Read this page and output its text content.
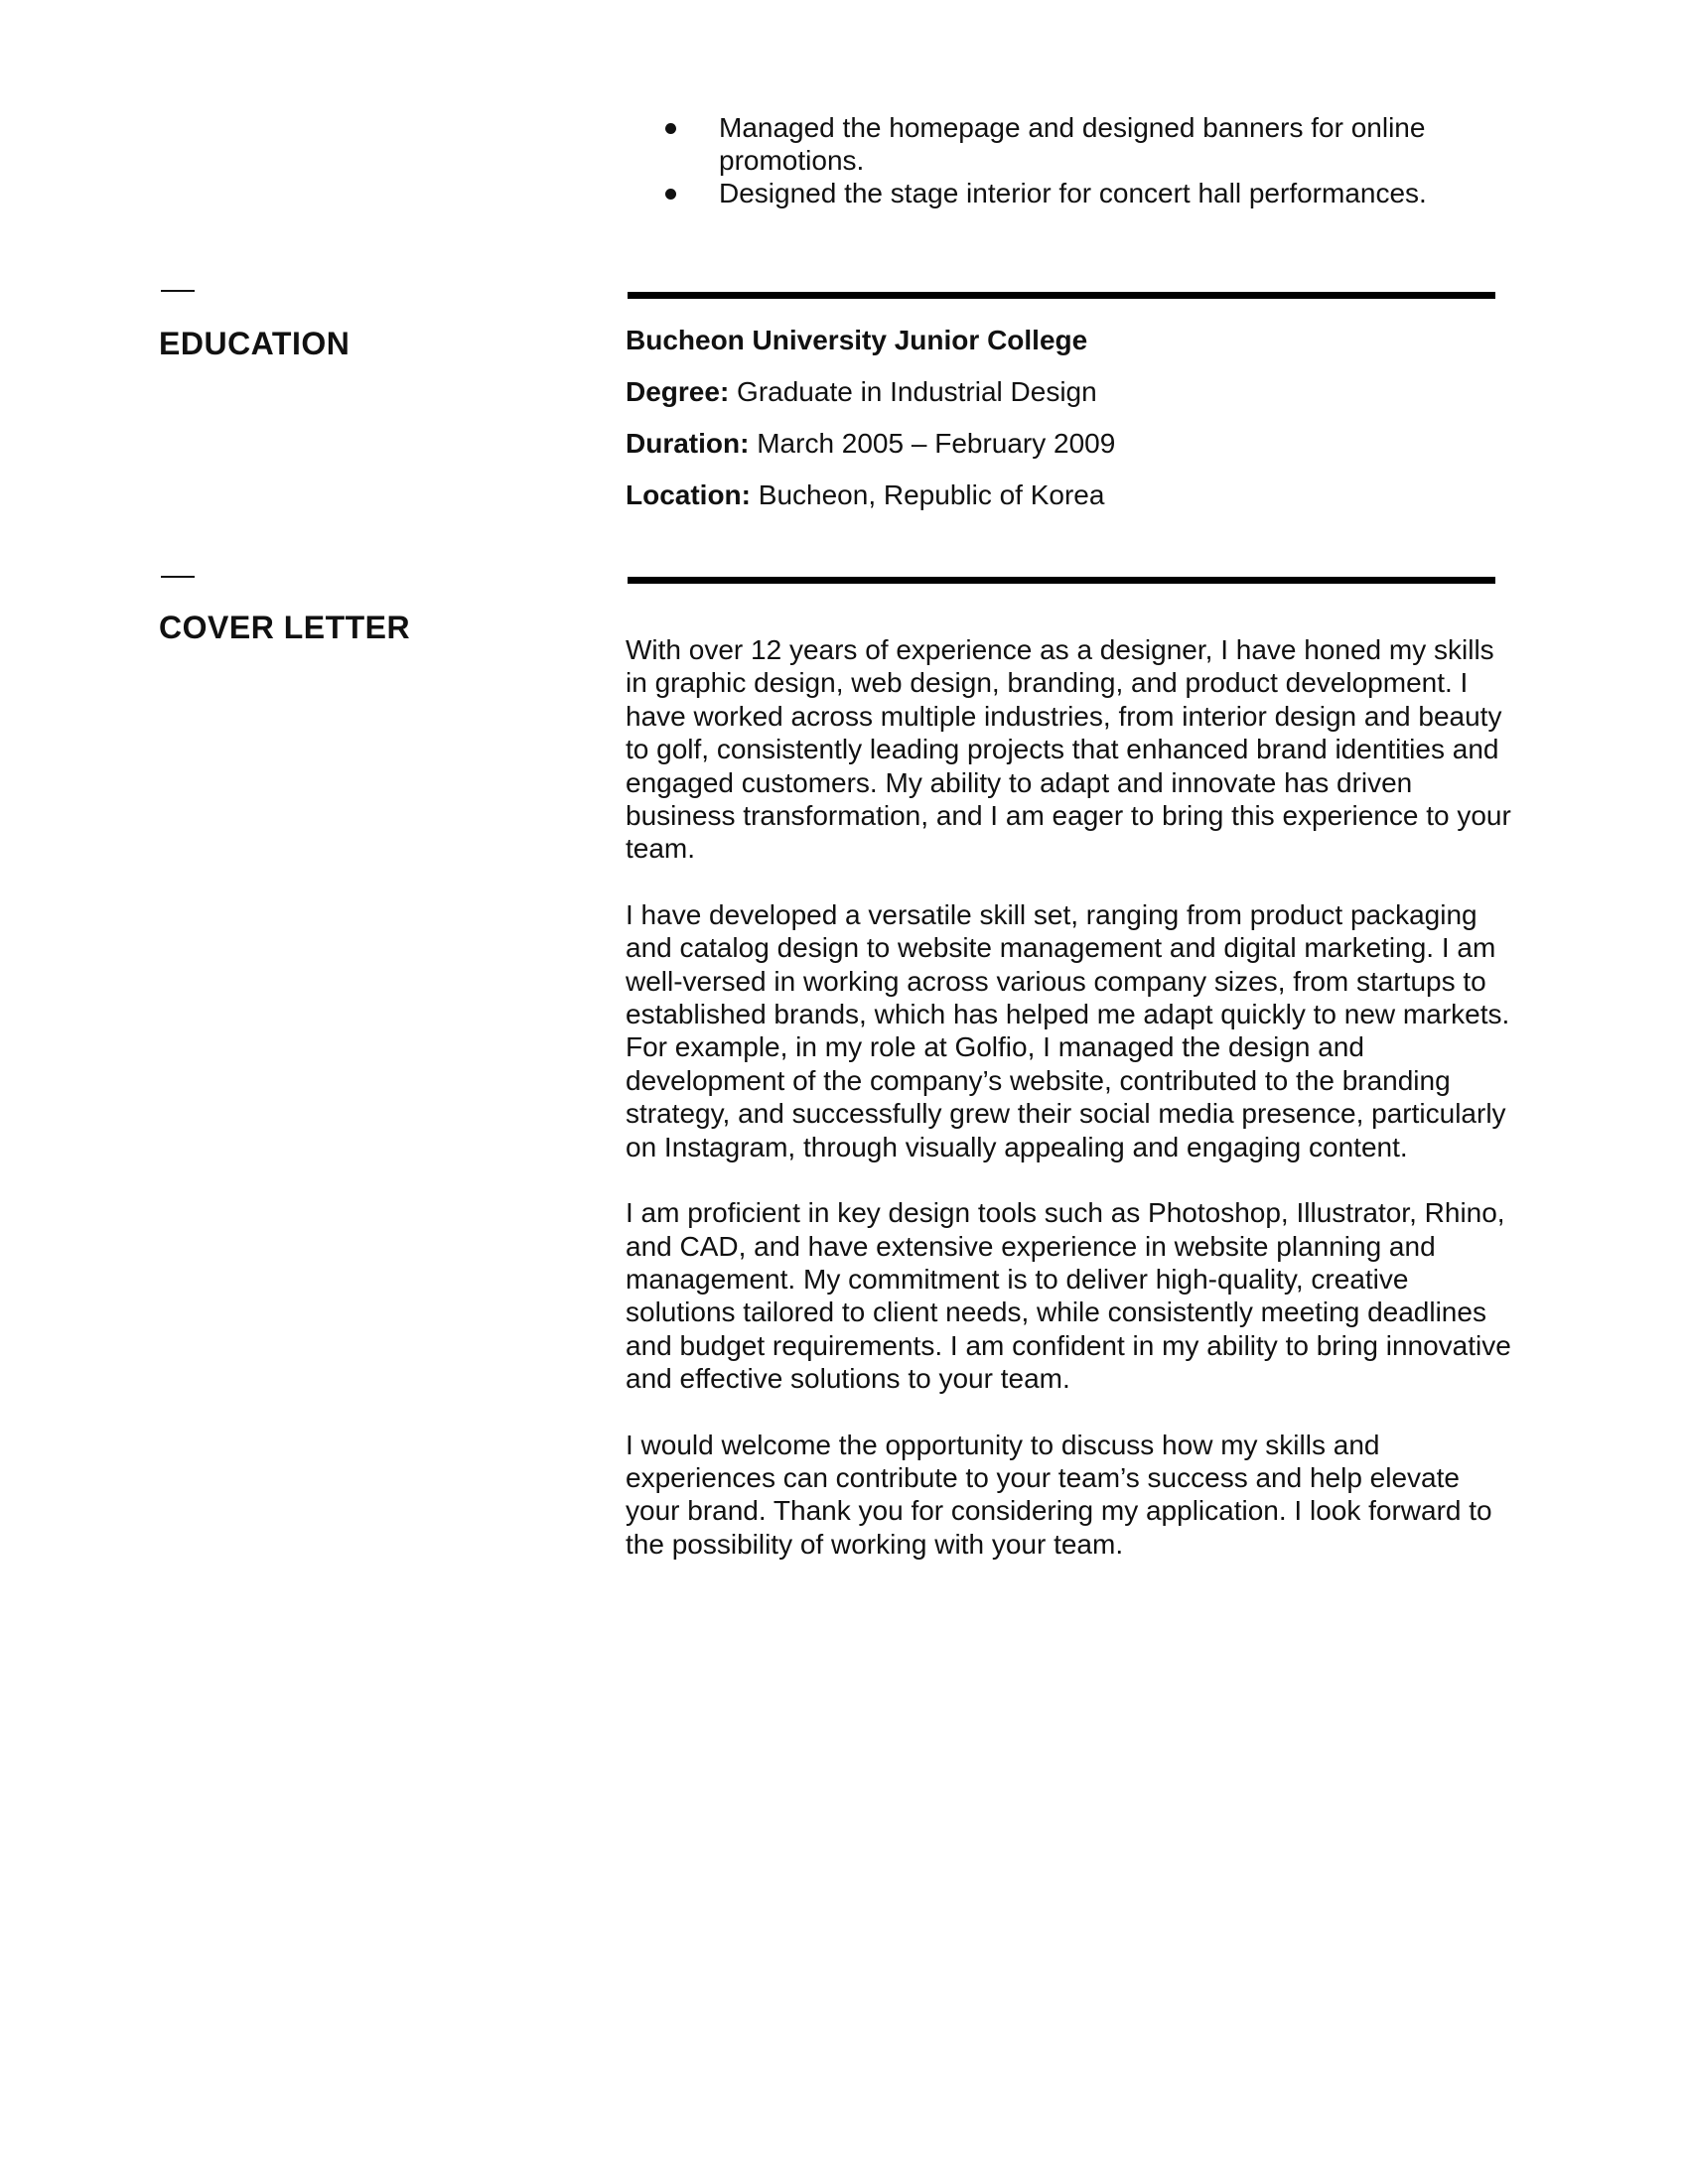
Managed the homepage and designed banners for online promotions.
Designed the stage interior for concert hall performances.
EDUCATION	Bucheon University Junior College
Degree: Graduate in Industrial Design
Duration: March 2005 – February 2009
Location: Bucheon, Republic of Korea
COVER LETTER

With over 12 years of experience as a designer, I have honed my skills in graphic design, web design, branding, and product development. I have worked across multiple industries, from interior design and beauty to golf, consistently leading projects that enhanced brand identities and engaged customers. My ability to adapt and innovate has driven business transformation, and I am eager to bring this experience to your team.

I have developed a versatile skill set, ranging from product packaging and catalog design to website management and digital marketing. I am well-versed in working across various company sizes, from startups to established brands, which has helped me adapt quickly to new markets. For example, in my role at Golfio, I managed the design and development of the company’s website, contributed to the branding strategy, and successfully grew their social media presence, particularly on Instagram, through visually appealing and engaging content.

I am proficient in key design tools such as Photoshop, Illustrator, Rhino, and CAD, and have extensive experience in website planning and management. My commitment is to deliver high-quality, creative solutions tailored to client needs, while consistently meeting deadlines and budget requirements. I am confident in my ability to bring innovative and effective solutions to your team.

I would welcome the opportunity to discuss how my skills and experiences can contribute to your team’s success and help elevate your brand. Thank you for considering my application. I look forward to the possibility of working with your team.
